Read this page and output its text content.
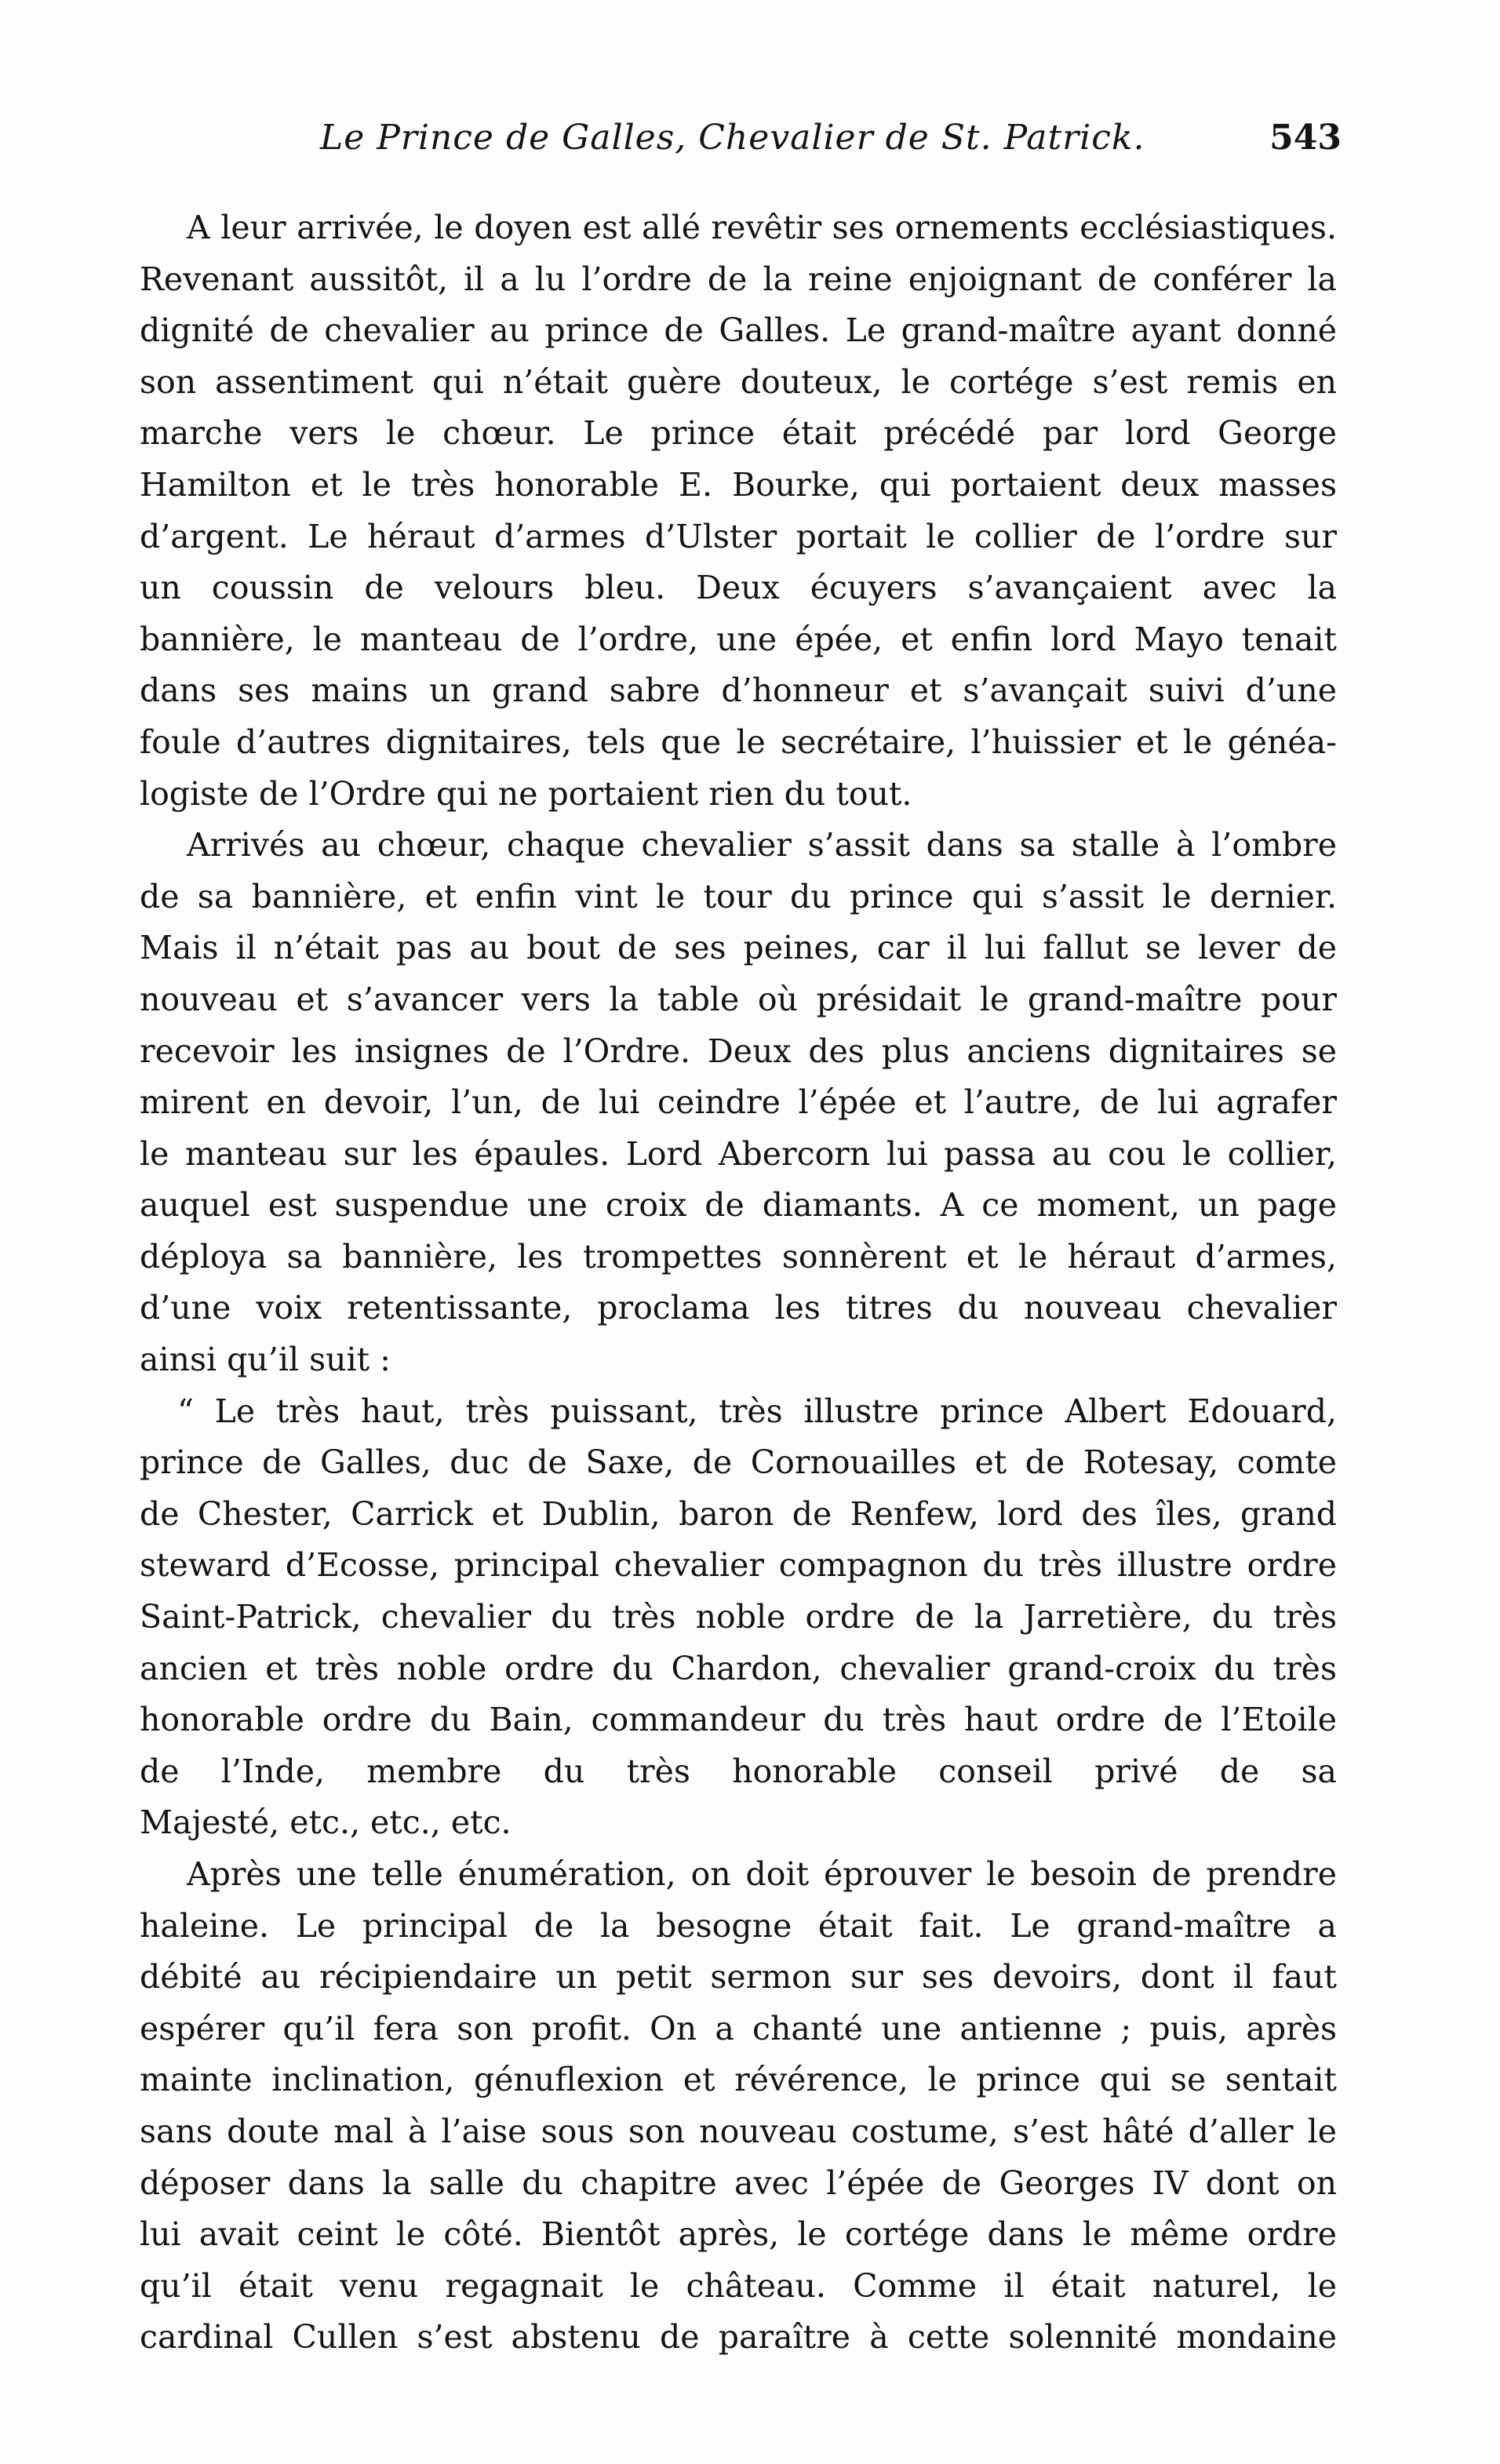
Le Prince de Galles, Chevalier de St. Patrick.	543
A leur arrivée, le doyen est allé revêtir ses ornements ecclésiastiques.
Revenant aussitôt, il a lu l’ordre de la reine enjoignant de conférer la
dignité de chevalier au prince de Galles. Le grand-maître ayant donné
son assentiment qui n’était guère douteux, le cortége s’est remis en
marche vers le chœur. Le prince était précédé par lord George
Hamilton et le très honorable E. Bourke, qui portaient deux masses
d’argent. Le héraut d’armes d’Ulster portait le collier de l’ordre sur
un coussin de velours bleu. Deux écuyers s’avançaient avec la
bannière, le manteau de l’ordre, une épée, et enfin lord Mayo tenait
dans ses mains un grand sabre d’honneur et s’avançait suivi d’une
foule d’autres dignitaires, tels que le secrétaire, l’huissier et le généa-
logiste de l’Ordre qui ne portaient rien du tout.
Arrivés au chœur, chaque chevalier s’assit dans sa stalle à l’ombre
de sa bannière, et enfin vint le tour du prince qui s’assit le dernier.
Mais il n’était pas au bout de ses peines, car il lui fallut se lever de
nouveau et s’avancer vers la table où présidait le grand-maître pour
recevoir les insignes de l’Ordre. Deux des plus anciens dignitaires se
mirent en devoir, l’un, de lui ceindre l’épée et l’autre, de lui agrafer
le manteau sur les épaules. Lord Abercorn lui passa au cou le collier,
auquel est suspendue une croix de diamants. A ce moment, un page
déploya sa bannière, les trompettes sonnèrent et le héraut d’armes,
d’une voix retentissante, proclama les titres du nouveau chevalier
ainsi qu’il suit :
“ Le très haut, très puissant, très illustre prince Albert Edouard,
prince de Galles, duc de Saxe, de Cornouailles et de Rotesay, comte
de Chester, Carrick et Dublin, baron de Renfew, lord des îles, grand
steward d’Ecosse, principal chevalier compagnon du très illustre ordre
Saint-Patrick, chevalier du très noble ordre de la Jarretière, du très
ancien et très noble ordre du Chardon, chevalier grand-croix du très
honorable ordre du Bain, commandeur du très haut ordre de l’Etoile
de l’Inde, membre du très honorable conseil privé de sa
Majesté, etc., etc., etc.
Après une telle énumération, on doit éprouver le besoin de prendre
haleine. Le principal de la besogne était fait. Le grand-maître a
débité au récipiendaire un petit sermon sur ses devoirs, dont il faut
espérer qu’il fera son profit. On a chanté une antienne ; puis, après
mainte inclination, génuflexion et révérence, le prince qui se sentait
sans doute mal à l’aise sous son nouveau costume, s’est hâté d’aller le
déposer dans la salle du chapitre avec l’épée de Georges IV dont on
lui avait ceint le côté. Bientôt après, le cortége dans le même ordre
qu’il était venu regagnait le château. Comme il était naturel, le
cardinal Cullen s’est abstenu de paraître à cette solennité mondaine
